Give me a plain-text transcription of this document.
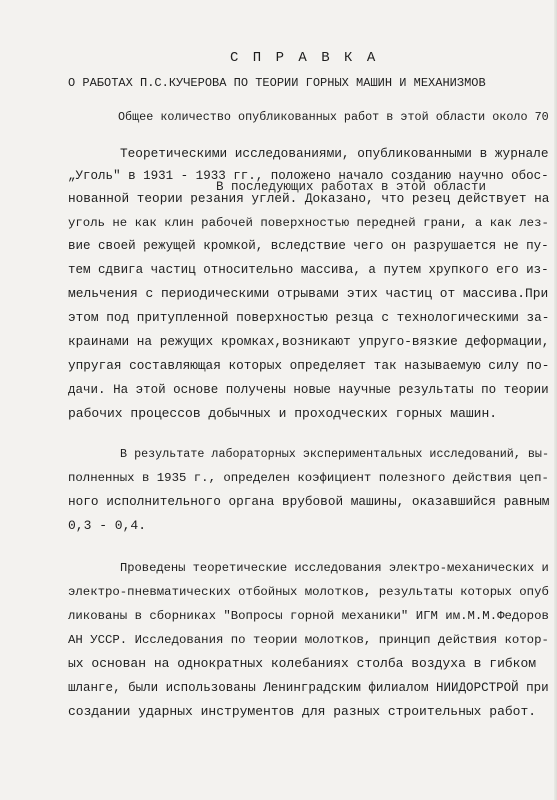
С П Р А В К А
О РАБОТАХ П.С.КУЧЕРОВА ПО ТЕОРИИ ГОРНЫХ МАШИН И МЕХАНИЗМОВ
Общее количество опубликованных работ в этой области около 70
В последующих работах в этой области
Теоретическими исследованиями, опубликованными в журнале
„Уголь" в 1931 - 1933 гг., положено начало созданию научно обос-
нованной теории резания углей. Доказано, что резец действует на
уголь не как клин рабочей поверхностью передней грани, а как лез-
вие своей режущей кромкой, вследствие чего он разрушается не пу-
тем сдвига частиц относительно массива, а путем хрупкого его из-
мельчения с периодическими отрывами этих частиц от массива.При
этом под притупленной поверхностью резца с технологическими за-
краинами на режущих кромках,возникают упруго-вязкие деформации,
упругая составляющая которых определяет так называемую силу по-
дачи. На этой основе получены новые научные результаты по теории
рабочих процессов добычных и проходческих горных машин.
В результате лабораторных экспериментальных исследований, вы-
полненных в 1935 г., определен коэфициент полезного действия цеп-
ного исполнительного органа врубовой машины, оказавшийся равным
0,3 - 0,4.
Проведены теоретические исследования электро-механических и
электро-пневматических отбойных молотков, результаты которых опуб
ликованы в сборниках "Вопросы горной механики" ИГМ им.М.М.Федоров
АН УССР. Исследования по теории молотков, принцип действия котор-
ых основан на однократных колебаниях столба воздуха в гибком
шланге, были использованы Ленинградским филиалом НИИДОРСТРОЙ при
создании ударных инструментов для разных строительных работ.
